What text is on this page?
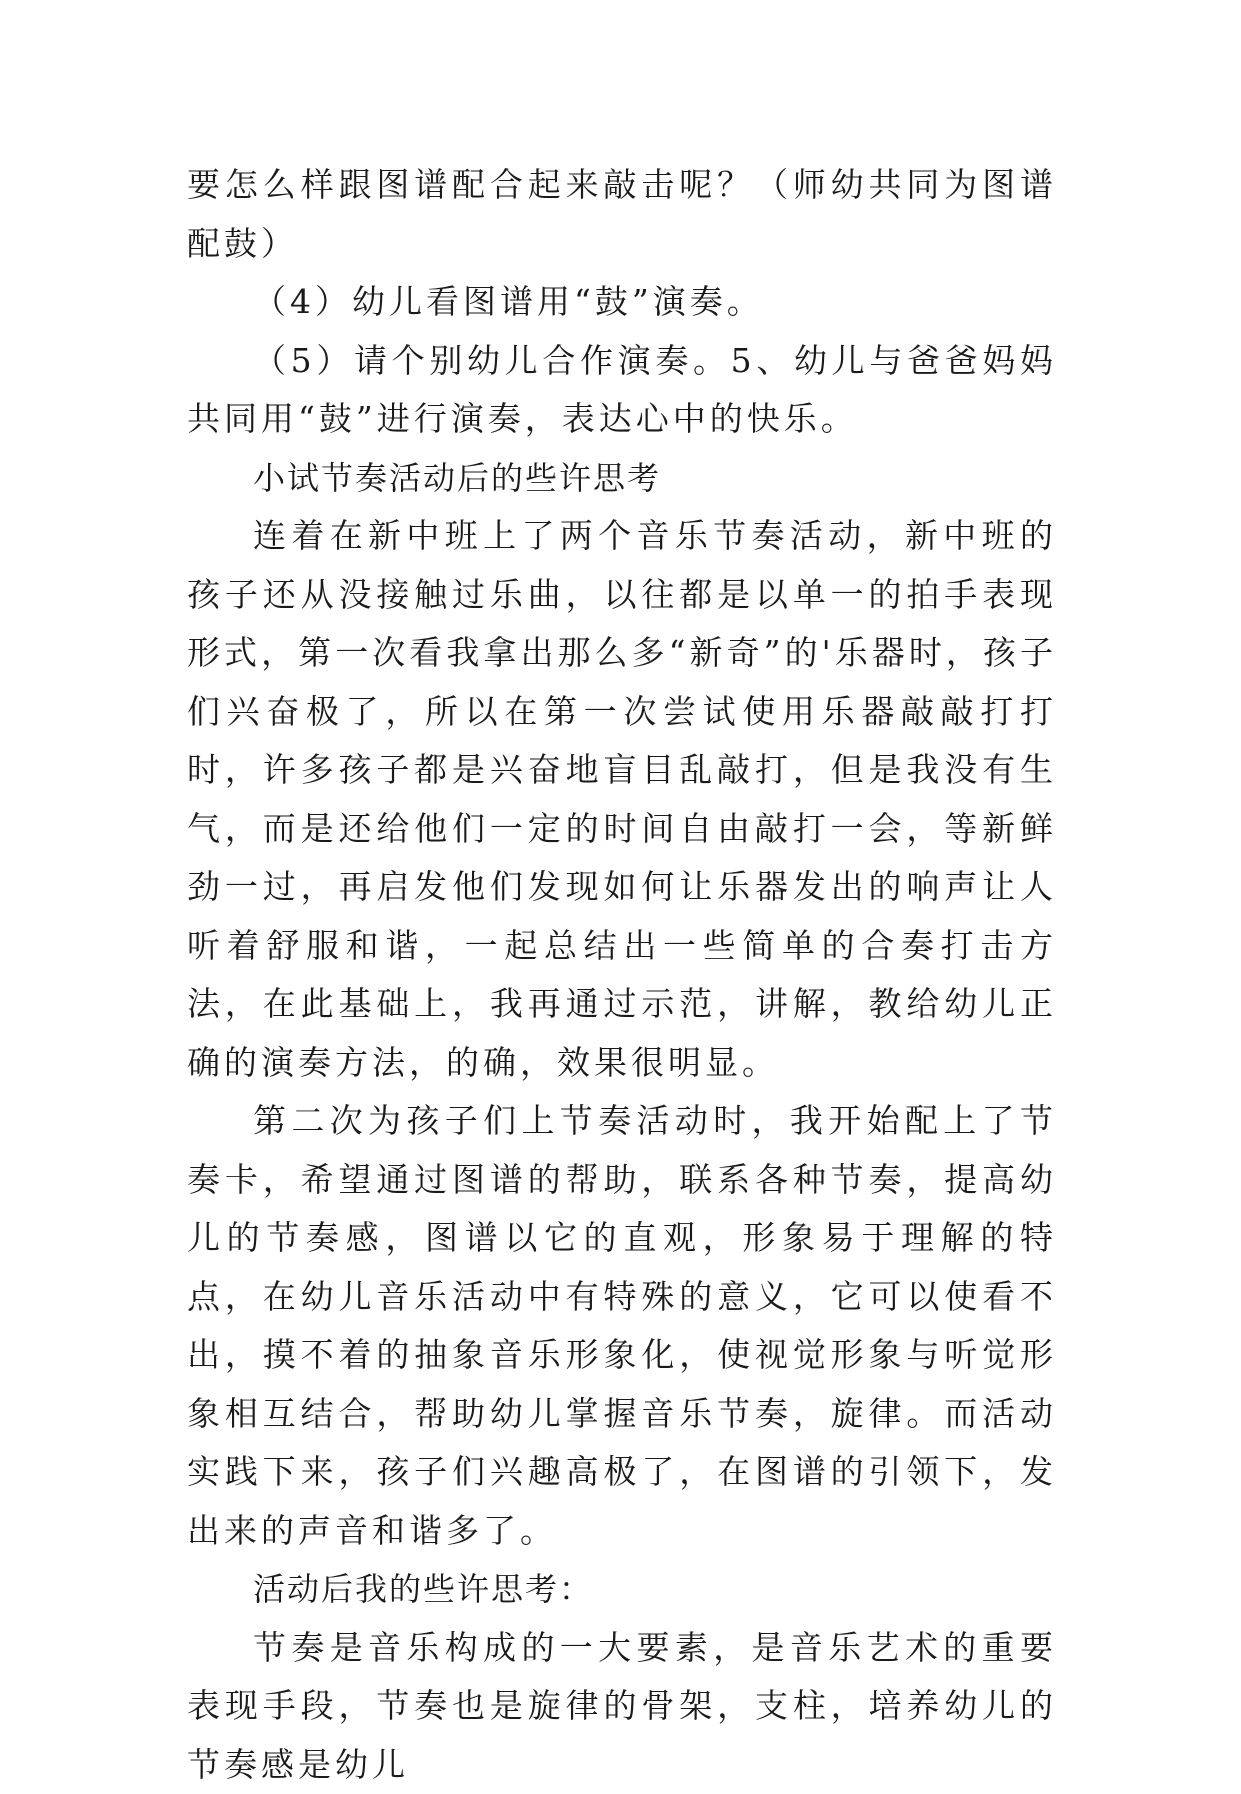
要怎么样跟图谱配合起来敲击呢？（师幼共同为图谱配鼓）

（4）幼儿看图谱用“鼓”演奏。

（5）请个别幼儿合作演奏。5、幼儿与爸爸妈妈共同用“鼓”进行演奏，表达心中的快乐。

小试节奏活动后的些许思考

连着在新中班上了两个音乐节奏活动，新中班的孩子还从没接触过乐曲，以往都是以单一的拍手表现形式，第一次看我拿出那么多“新奇”的'乐器时，孩子们兴奋极了，所以在第一次尝试使用乐器敲敲打打时，许多孩子都是兴奋地盲目乱敲打，但是我没有生气，而是还给他们一定的时间自由敲打一会，等新鲜劲一过，再启发他们发现如何让乐器发出的响声让人听着舒服和谐，一起总结出一些简单的合奏打击方法，在此基础上，我再通过示范，讲解，教给幼儿正确的演奏方法，的确，效果很明显。

第二次为孩子们上节奏活动时，我开始配上了节奏卡，希望通过图谱的帮助，联系各种节奏，提高幼儿的节奏感，图谱以它的直观，形象易于理解的特点，在幼儿音乐活动中有特殊的意义，它可以使看不出，摸不着的抽象音乐形象化，使视觉形象与听觉形象相互结合，帮助幼儿掌握音乐节奏，旋律。而活动实践下来，孩子们兴趣高极了，在图谱的引领下，发出来的声音和谐多了。

活动后我的些许思考：

节奏是音乐构成的一大要素，是音乐艺术的重要表现手段，节奏也是旋律的骨架，支柱，培养幼儿的节奏感是幼儿
